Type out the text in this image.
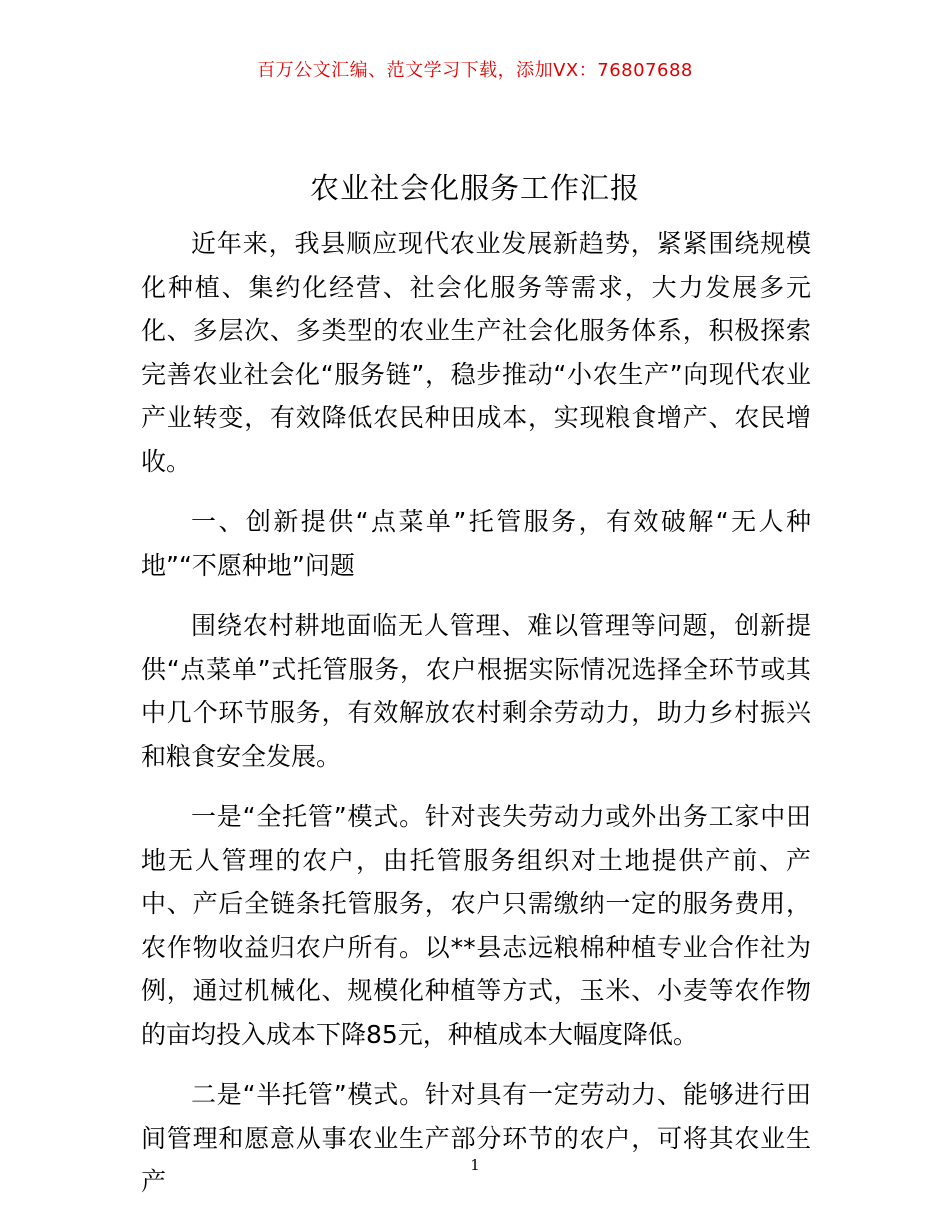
百万公文汇编、范文学习下载，添加VX：76807688
农业社会化服务工作汇报

近年来，我县顺应现代农业发展新趋势，紧紧围绕规模化种植、集约化经营、社会化服务等需求，大力发展多元化、多层次、多类型的农业生产社会化服务体系，积极探索完善农业社会化“服务链”，稳步推动“小农生产”向现代农业产业转变，有效降低农民种田成本，实现粮食增产、农民增收。

一、创新提供“点菜单”托管服务，有效破解“无人种地”“不愿种地”问题

围绕农村耕地面临无人管理、难以管理等问题，创新提供“点菜单”式托管服务，农户根据实际情况选择全环节或其中几个环节服务，有效解放农村剩余劳动力，助力乡村振兴和粮食安全发展。

一是“全托管”模式。针对丧失劳动力或外出务工家中田地无人管理的农户，由托管服务组织对土地提供产前、产中、产后全链条托管服务，农户只需缴纳一定的服务费用，农作物收益归农户所有。以**县志远粮棉种植专业合作社为例，通过机械化、规模化种植等方式，玉米、小麦等农作物的亩均投入成本下降85元，种植成本大幅度降低。

二是“半托管”模式。针对具有一定劳动力、能够进行田间管理和愿意从事农业生产部分环节的农户，可将其农业生产

1
